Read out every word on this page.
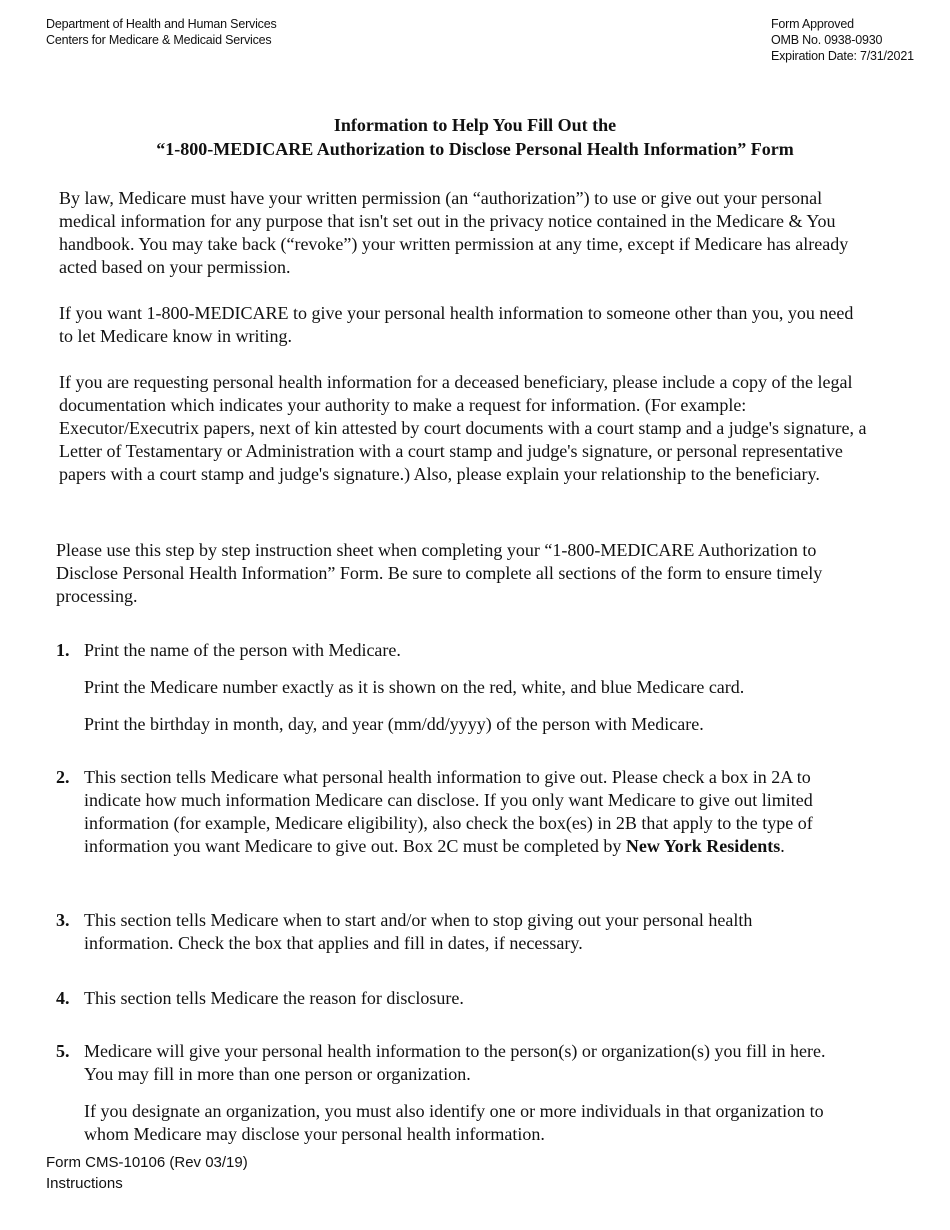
Department of Health and Human Services
Centers for Medicare & Medicaid Services
Form Approved
OMB No. 0938-0930
Expiration Date: 7/31/2021
Information to Help You Fill Out the
“1-800-MEDICARE Authorization to Disclose Personal Health Information” Form

By law, Medicare must have your written permission (an “authorization”) to use or give out your personal medical information for any purpose that isn't set out in the privacy notice contained in the Medicare & You handbook. You may take back (“revoke”) your written permission at any time, except if Medicare has already acted based on your permission.

If you want 1-800-MEDICARE to give your personal health information to someone other than you, you need to let Medicare know in writing.

If you are requesting personal health information for a deceased beneficiary, please include a copy of the legal documentation which indicates your authority to make a request for information. (For example: Executor/Executrix papers, next of kin attested by court documents with a court stamp and a judge's signature, a Letter of Testamentary or Administration with a court stamp and judge's signature, or personal representative papers with a court stamp and judge's signature.) Also, please explain your relationship to the beneficiary.

Please use this step by step instruction sheet when completing your “1-800-MEDICARE Authorization to Disclose Personal Health Information” Form. Be sure to complete all sections of the form to ensure timely processing.

1. Print the name of the person with Medicare.
Print the Medicare number exactly as it is shown on the red, white, and blue Medicare card.
Print the birthday in month, day, and year (mm/dd/yyyy) of the person with Medicare.
2. This section tells Medicare what personal health information to give out. Please check a box in 2A to indicate how much information Medicare can disclose. If you only want Medicare to give out limited information (for example, Medicare eligibility), also check the box(es) in 2B that apply to the type of information you want Medicare to give out. Box 2C must be completed by New York Residents.
3. This section tells Medicare when to start and/or when to stop giving out your personal health information. Check the box that applies and fill in dates, if necessary.
4. This section tells Medicare the reason for disclosure.
5. Medicare will give your personal health information to the person(s) or organization(s) you fill in here. You may fill in more than one person or organization.
If you designate an organization, you must also identify one or more individuals in that organization to whom Medicare may disclose your personal health information.
Form CMS-10106 (Rev 03/19)
Instructions
